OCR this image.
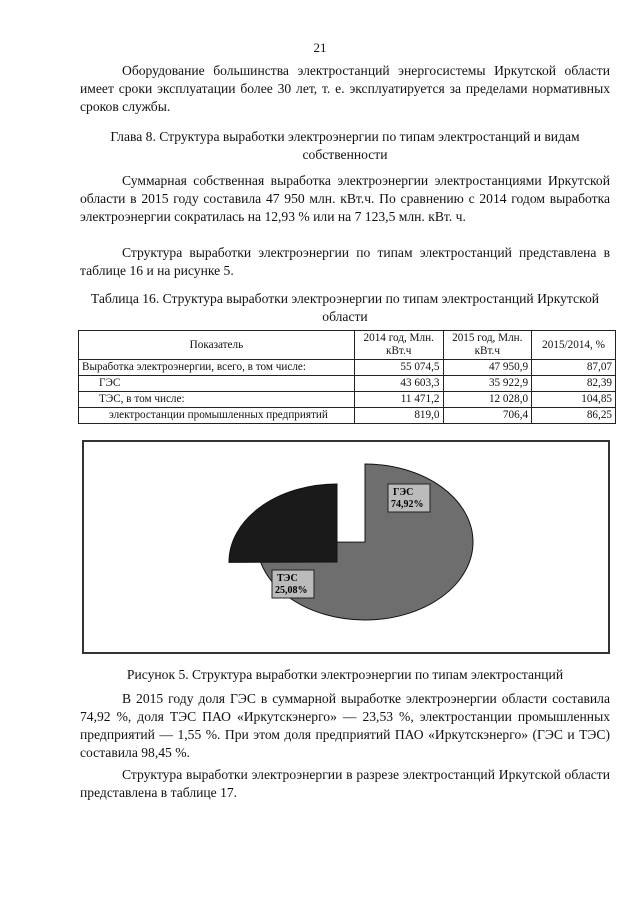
21

Оборудование большинства электростанций энергосистемы Иркутской области имеет сроки эксплуатации более 30 лет, т. е. эксплуатируется за пределами нормативных сроков службы.

Глава 8. Структура выработки электроэнергии по типам электростанций и видам собственности

Суммарная собственная выработка электроэнергии электростанциями Иркутской области в 2015 году составила 47 950 млн. кВт.ч. По сравнению с 2014 годом выработка электроэнергии сократилась на 12,93 % или на 7 123,5 млн. кВт. ч.

Структура выработки электроэнергии по типам электростанций представлена в таблице 16 и на рисунке 5.

Таблица 16. Структура выработки электроэнергии по типам электростанций Иркутской области

Показатель	2014 год, Млн. кВт.ч	2015 год, Млн. кВт.ч	2015/2014, %
Выработка электроэнергии, всего, в том числе:	55 074,5	47 950,9	87,07
ГЭС	43 603,3	35 922,9	82,39
ТЭС, в том числе:	11 471,2	12 028,0	104,85
электростанции промышленных предприятий	819,0	706,4	86,25
ГЭС
74,92%
ТЭС
25,08%

Рисунок 5. Структура выработки электроэнергии по типам электростанций

В 2015 году доля ГЭС в суммарной выработке электроэнергии области составила 74,92 %, доля ТЭС ПАО «Иркутскэнерго» — 23,53 %, электростанции промышленных предприятий — 1,55 %. При этом доля предприятий ПАО «Иркутскэнерго» (ГЭС и ТЭС) составила 98,45 %.

Структура выработки электроэнергии в разрезе электростанций Иркутской области представлена в таблице 17.
